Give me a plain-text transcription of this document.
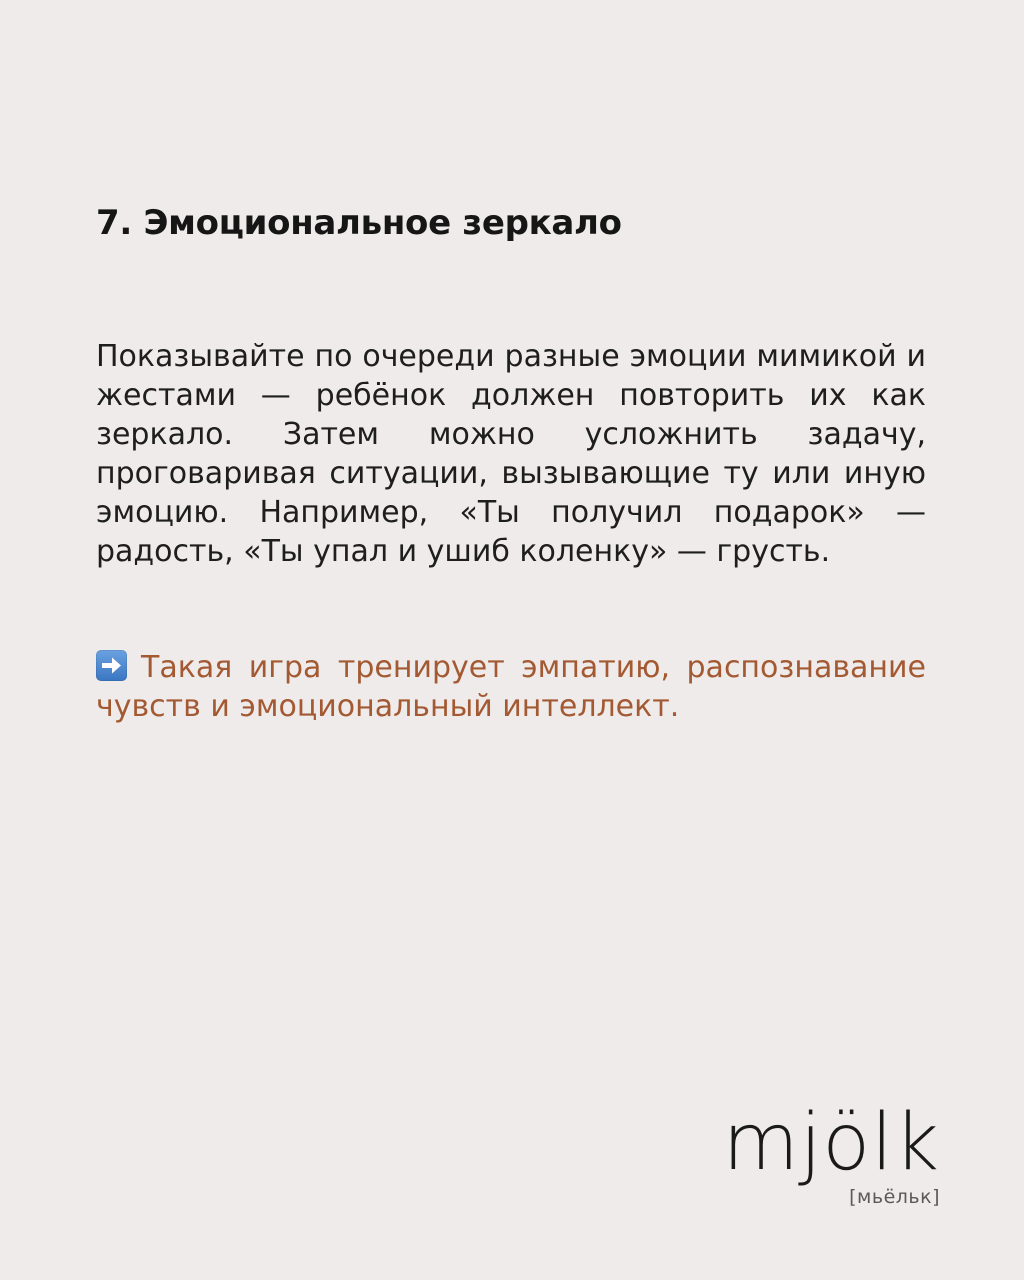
7. Эмоциональное зеркало

Показывайте по очереди разные эмоции мимикой и жестами — ребёнок должен повторить их как зеркало. Затем можно усложнить задачу, проговаривая ситуации, вызывающие ту или иную эмоцию. Например, «Ты получил подарок» — радость, «Ты упал и ушиб коленку» — грусть.

Такая игра тренирует эмпатию, распознавание чувств и эмоциональный интеллект.

mjölk
[мьёльк]
